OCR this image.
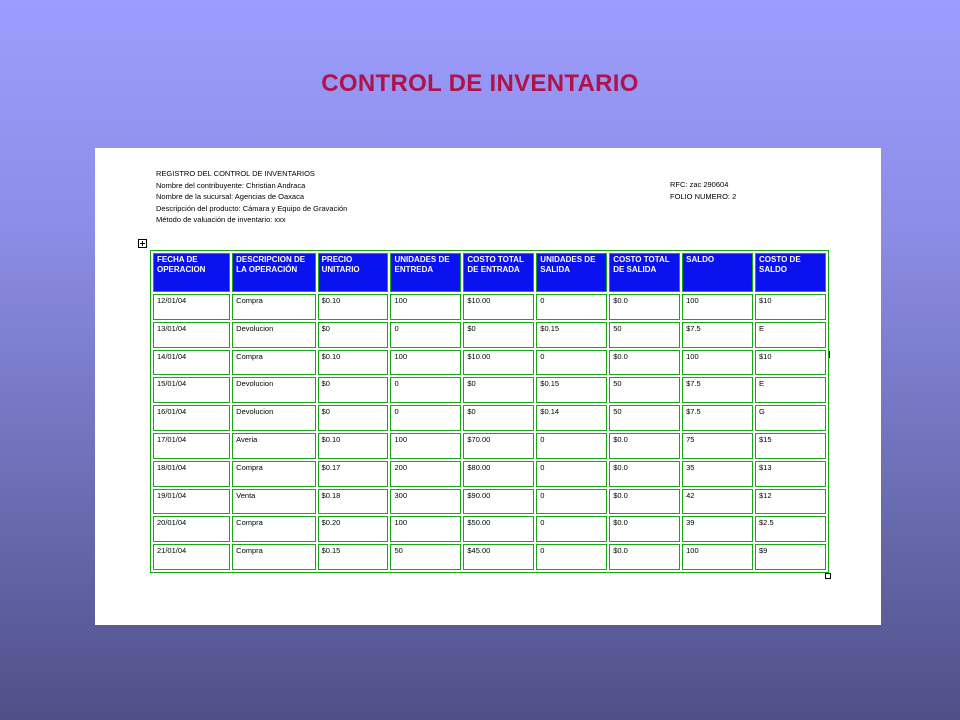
CONTROL DE INVENTARIO
REGISTRO DEL CONTROL DE INVENTARIOS
Nombre del contribuyente: Christian Andraca
Nombre de la sucursal: Agencias de Oaxaca
Descripción del producto: Cámara y Equipo de Gravación
Método de valuación de inventario: xxx
RFC: zac 290604
FOLIO NUMERO: 2
FECHA DE OPERACION	DESCRIPCION DE LA OPERACIÓN	PRECIO UNITARIO	UNIDADES DE ENTREDA	COSTO TOTAL DE ENTRADA	UNIDADES DE SALIDA	COSTO TOTAL DE SALIDA	SALDO	COSTO DE SALDO
12/01/04	Compra	$0.10	100	$10.00	0	$0.0	100	$10
13/01/04	Devolucion	$0	0	$0	$0.15	50	$7.5	E
14/01/04	Compra	$0.10	100	$10.00	0	$0.0	100	$10
15/01/04	Devolucion	$0	0	$0	$0.15	50	$7.5	E
16/01/04	Devolucion	$0	0	$0	$0.14	50	$7.5	G
17/01/04	Averia	$0.10	100	$70.00	0	$0.0	75	$15
18/01/04	Compra	$0.17	200	$80.00	0	$0.0	35	$13
19/01/04	Venta	$0.18	300	$90.00	0	$0.0	42	$12
20/01/04	Compra	$0.20	100	$50.00	0	$0.0	39	$2.5
21/01/04	Compra	$0.15	50	$45.00	0	$0.0	100	$9
